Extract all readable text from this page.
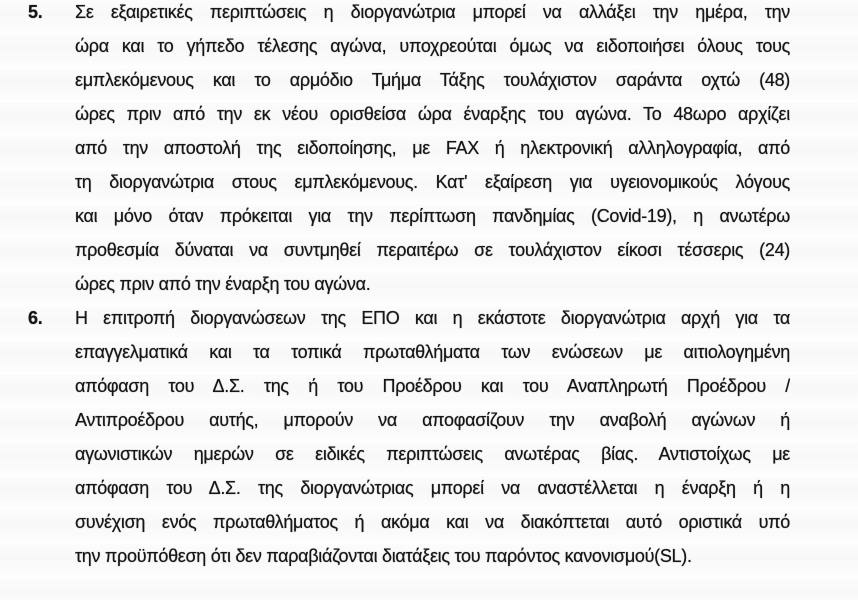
5.	Σε εξαιρετικές περιπτώσεις η διοργανώτρια μπορεί να αλλάξει την ημέρα, την
ώρα και το γήπεδο τέλεσης αγώνα, υποχρεούται όμως να ειδοποιήσει όλους τους
εμπλεκόμενους και το αρμόδιο Τμήμα Τάξης τουλάχιστον σαράντα οχτώ (48)
ώρες πριν από την εκ νέου ορισθείσα ώρα έναρξης του αγώνα. Το 48ωρο αρχίζει
από την αποστολή της ειδοποίησης, με FAX ή ηλεκτρονική αλληλογραφία, από
τη διοργανώτρια στους εμπλεκόμενους. Κατ' εξαίρεση για υγειονομικούς λόγους
και μόνο όταν πρόκειται για την περίπτωση πανδημίας (Covid-19), η ανωτέρω
προθεσμία δύναται να συντμηθεί περαιτέρω σε τουλάχιστον είκοσι τέσσερις (24)
ώρες πριν από την έναρξη του αγώνα.
6.	Η επιτροπή διοργανώσεων της ΕΠΟ και η εκάστοτε διοργανώτρια αρχή για τα
επαγγελματικά και τα τοπικά πρωταθλήματα των ενώσεων με αιτιολογημένη
απόφαση του Δ.Σ. της ή του Προέδρου και του Αναπληρωτή Προέδρου /
Αντιπροέδρου αυτής, μπορούν να αποφασίζουν την αναβολή αγώνων ή
αγωνιστικών ημερών σε ειδικές περιπτώσεις ανωτέρας βίας. Αντιστοίχως με
απόφαση του Δ.Σ. της διοργανώτριας μπορεί να αναστέλλεται η έναρξη ή η
συνέχιση ενός πρωταθλήματος ή ακόμα και να διακόπτεται αυτό οριστικά υπό
την προϋπόθεση ότι δεν παραβιάζονται διατάξεις του παρόντος κανονισμού(SL).
